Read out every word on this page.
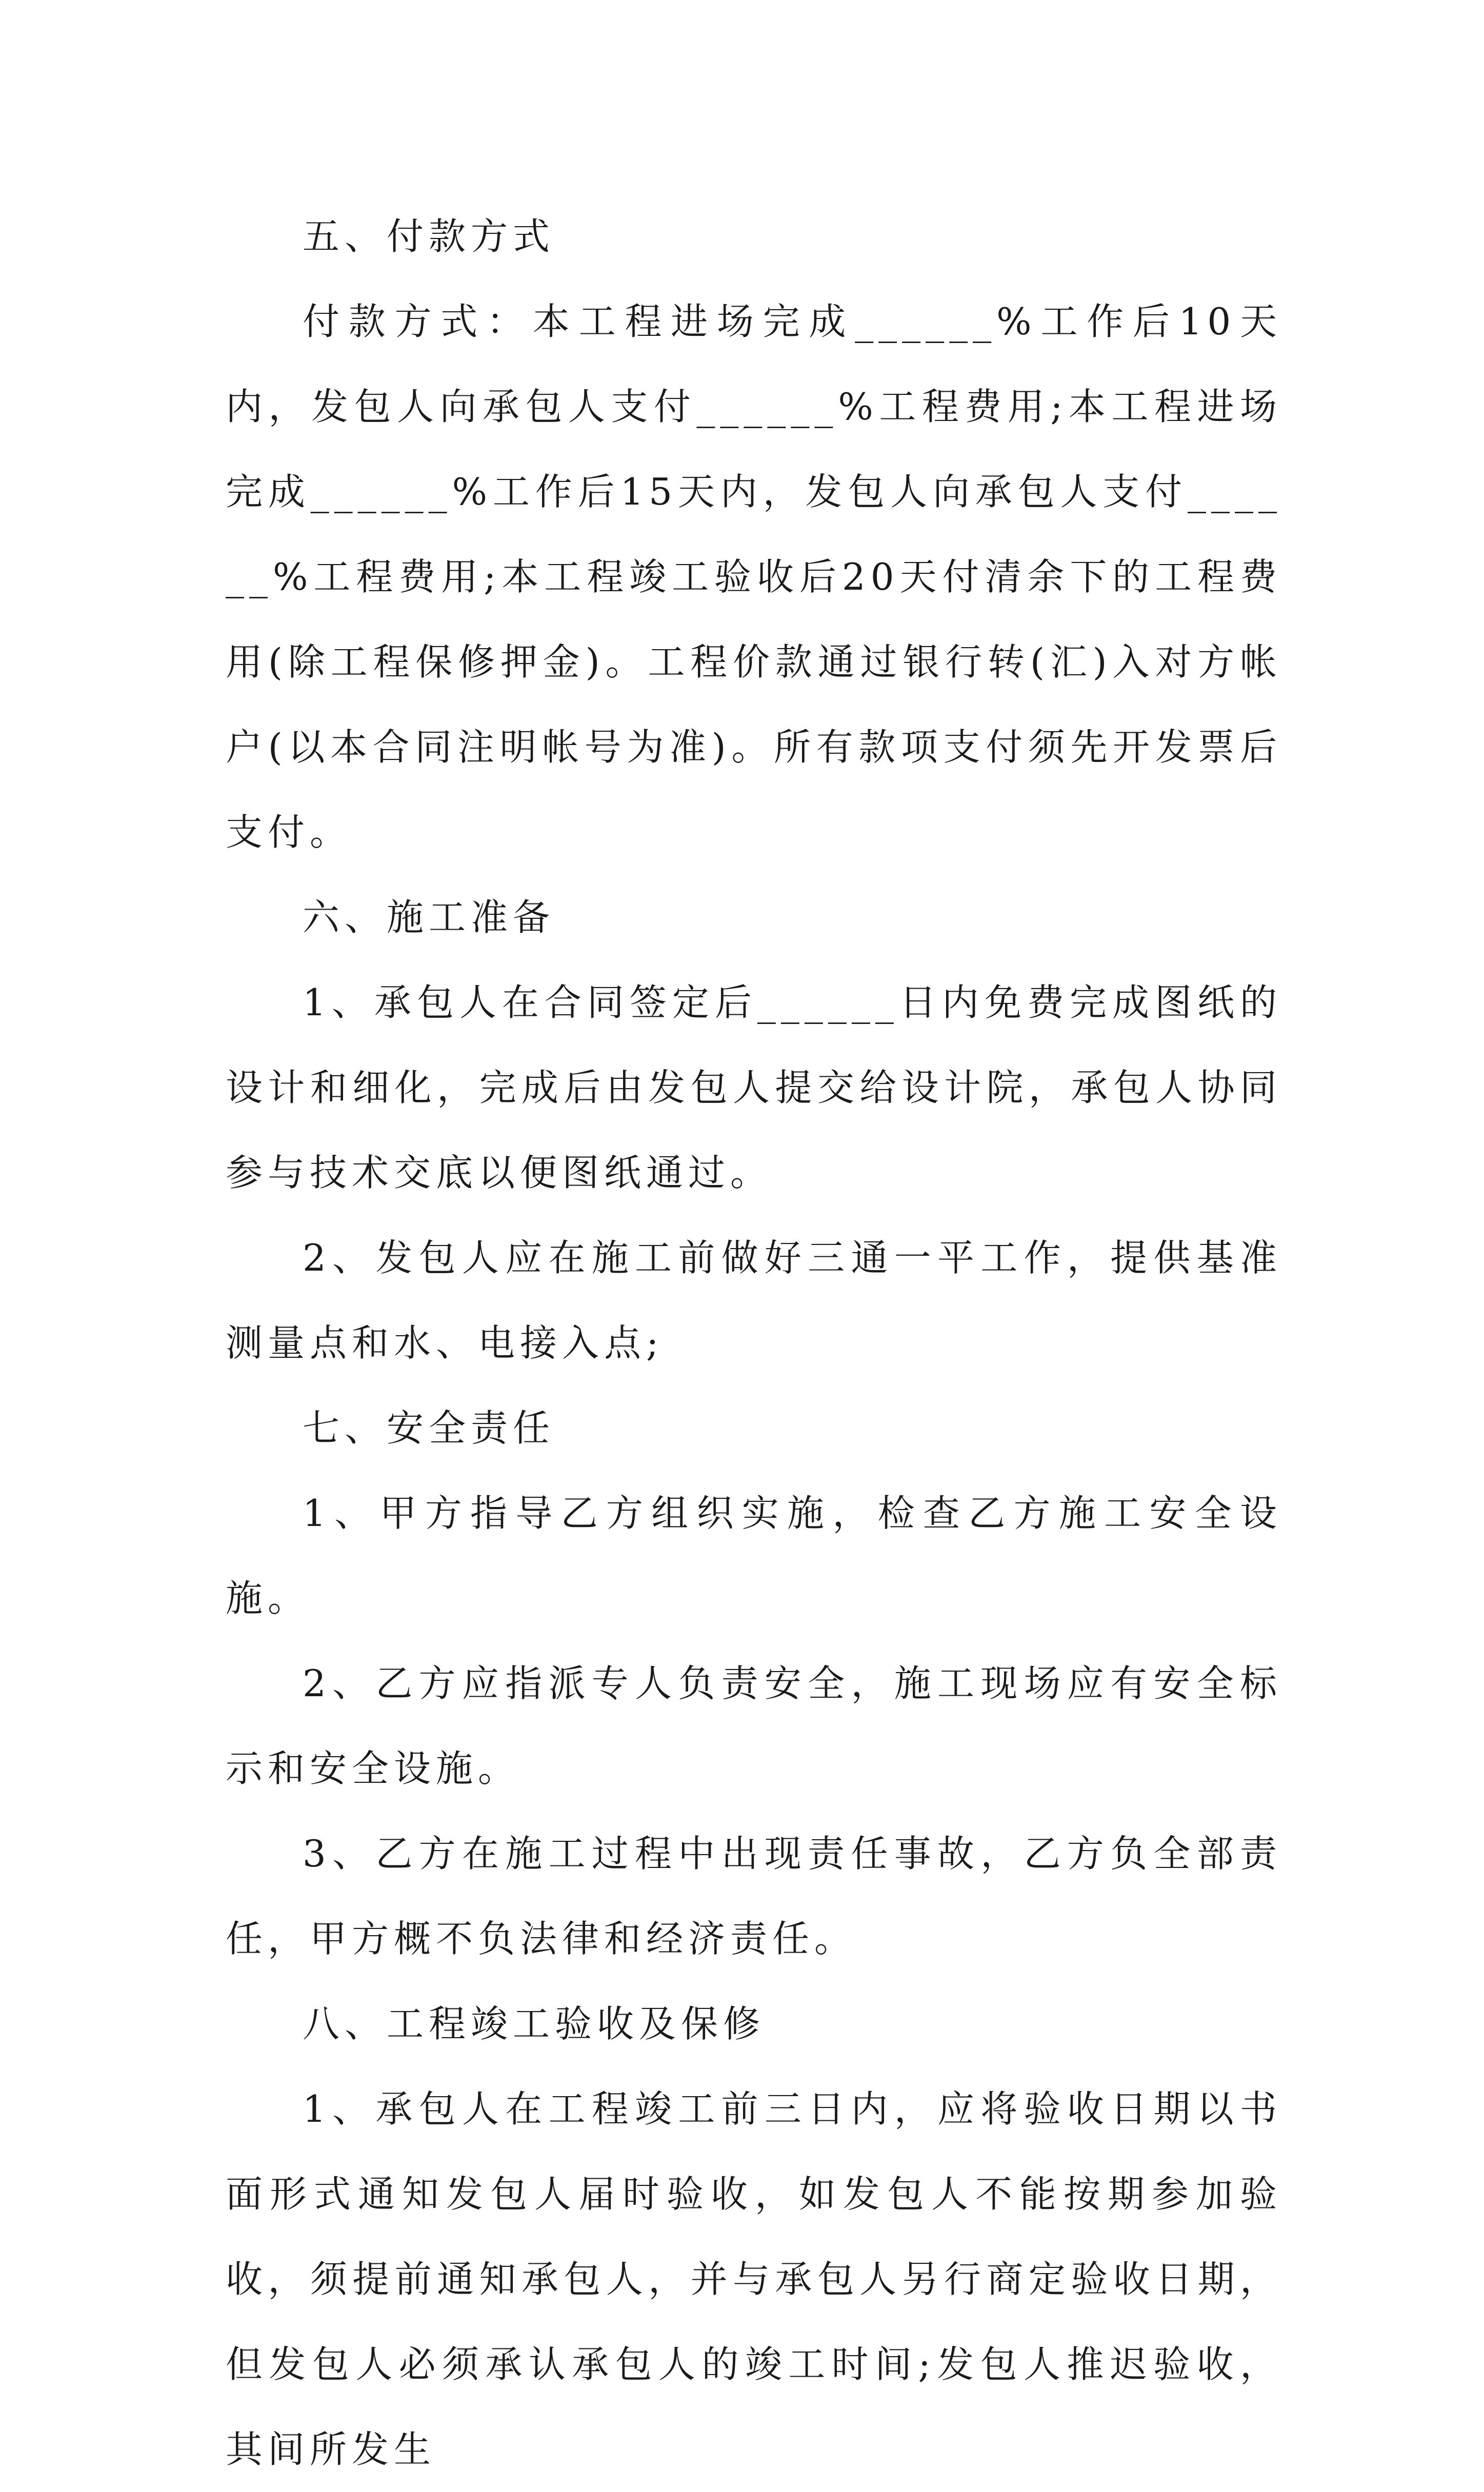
五、付款方式

付款方式：本工程进场完成______%工作后10天内，发包人向承包人支付______%工程费用;本工程进场完成______%工作后15天内，发包人向承包人支付______%工程费用;本工程竣工验收后20天付清余下的工程费用(除工程保修押金)。工程价款通过银行转(汇)入对方帐户(以本合同注明帐号为准)。所有款项支付须先开发票后支付。

六、施工准备

1、承包人在合同签定后______日内免费完成图纸的设计和细化，完成后由发包人提交给设计院，承包人协同参与技术交底以便图纸通过。

2、发包人应在施工前做好三通一平工作，提供基准测量点和水、电接入点;

七、安全责任

1、甲方指导乙方组织实施，检查乙方施工安全设施。

2、乙方应指派专人负责安全，施工现场应有安全标示和安全设施。

3、乙方在施工过程中出现责任事故，乙方负全部责任，甲方概不负法律和经济责任。

八、工程竣工验收及保修

1、承包人在工程竣工前三日内，应将验收日期以书面形式通知发包人届时验收，如发包人不能按期参加验收，须提前通知承包人，并与承包人另行商定验收日期，但发包人必须承认承包人的竣工时间;发包人推迟验收，其间所发生
